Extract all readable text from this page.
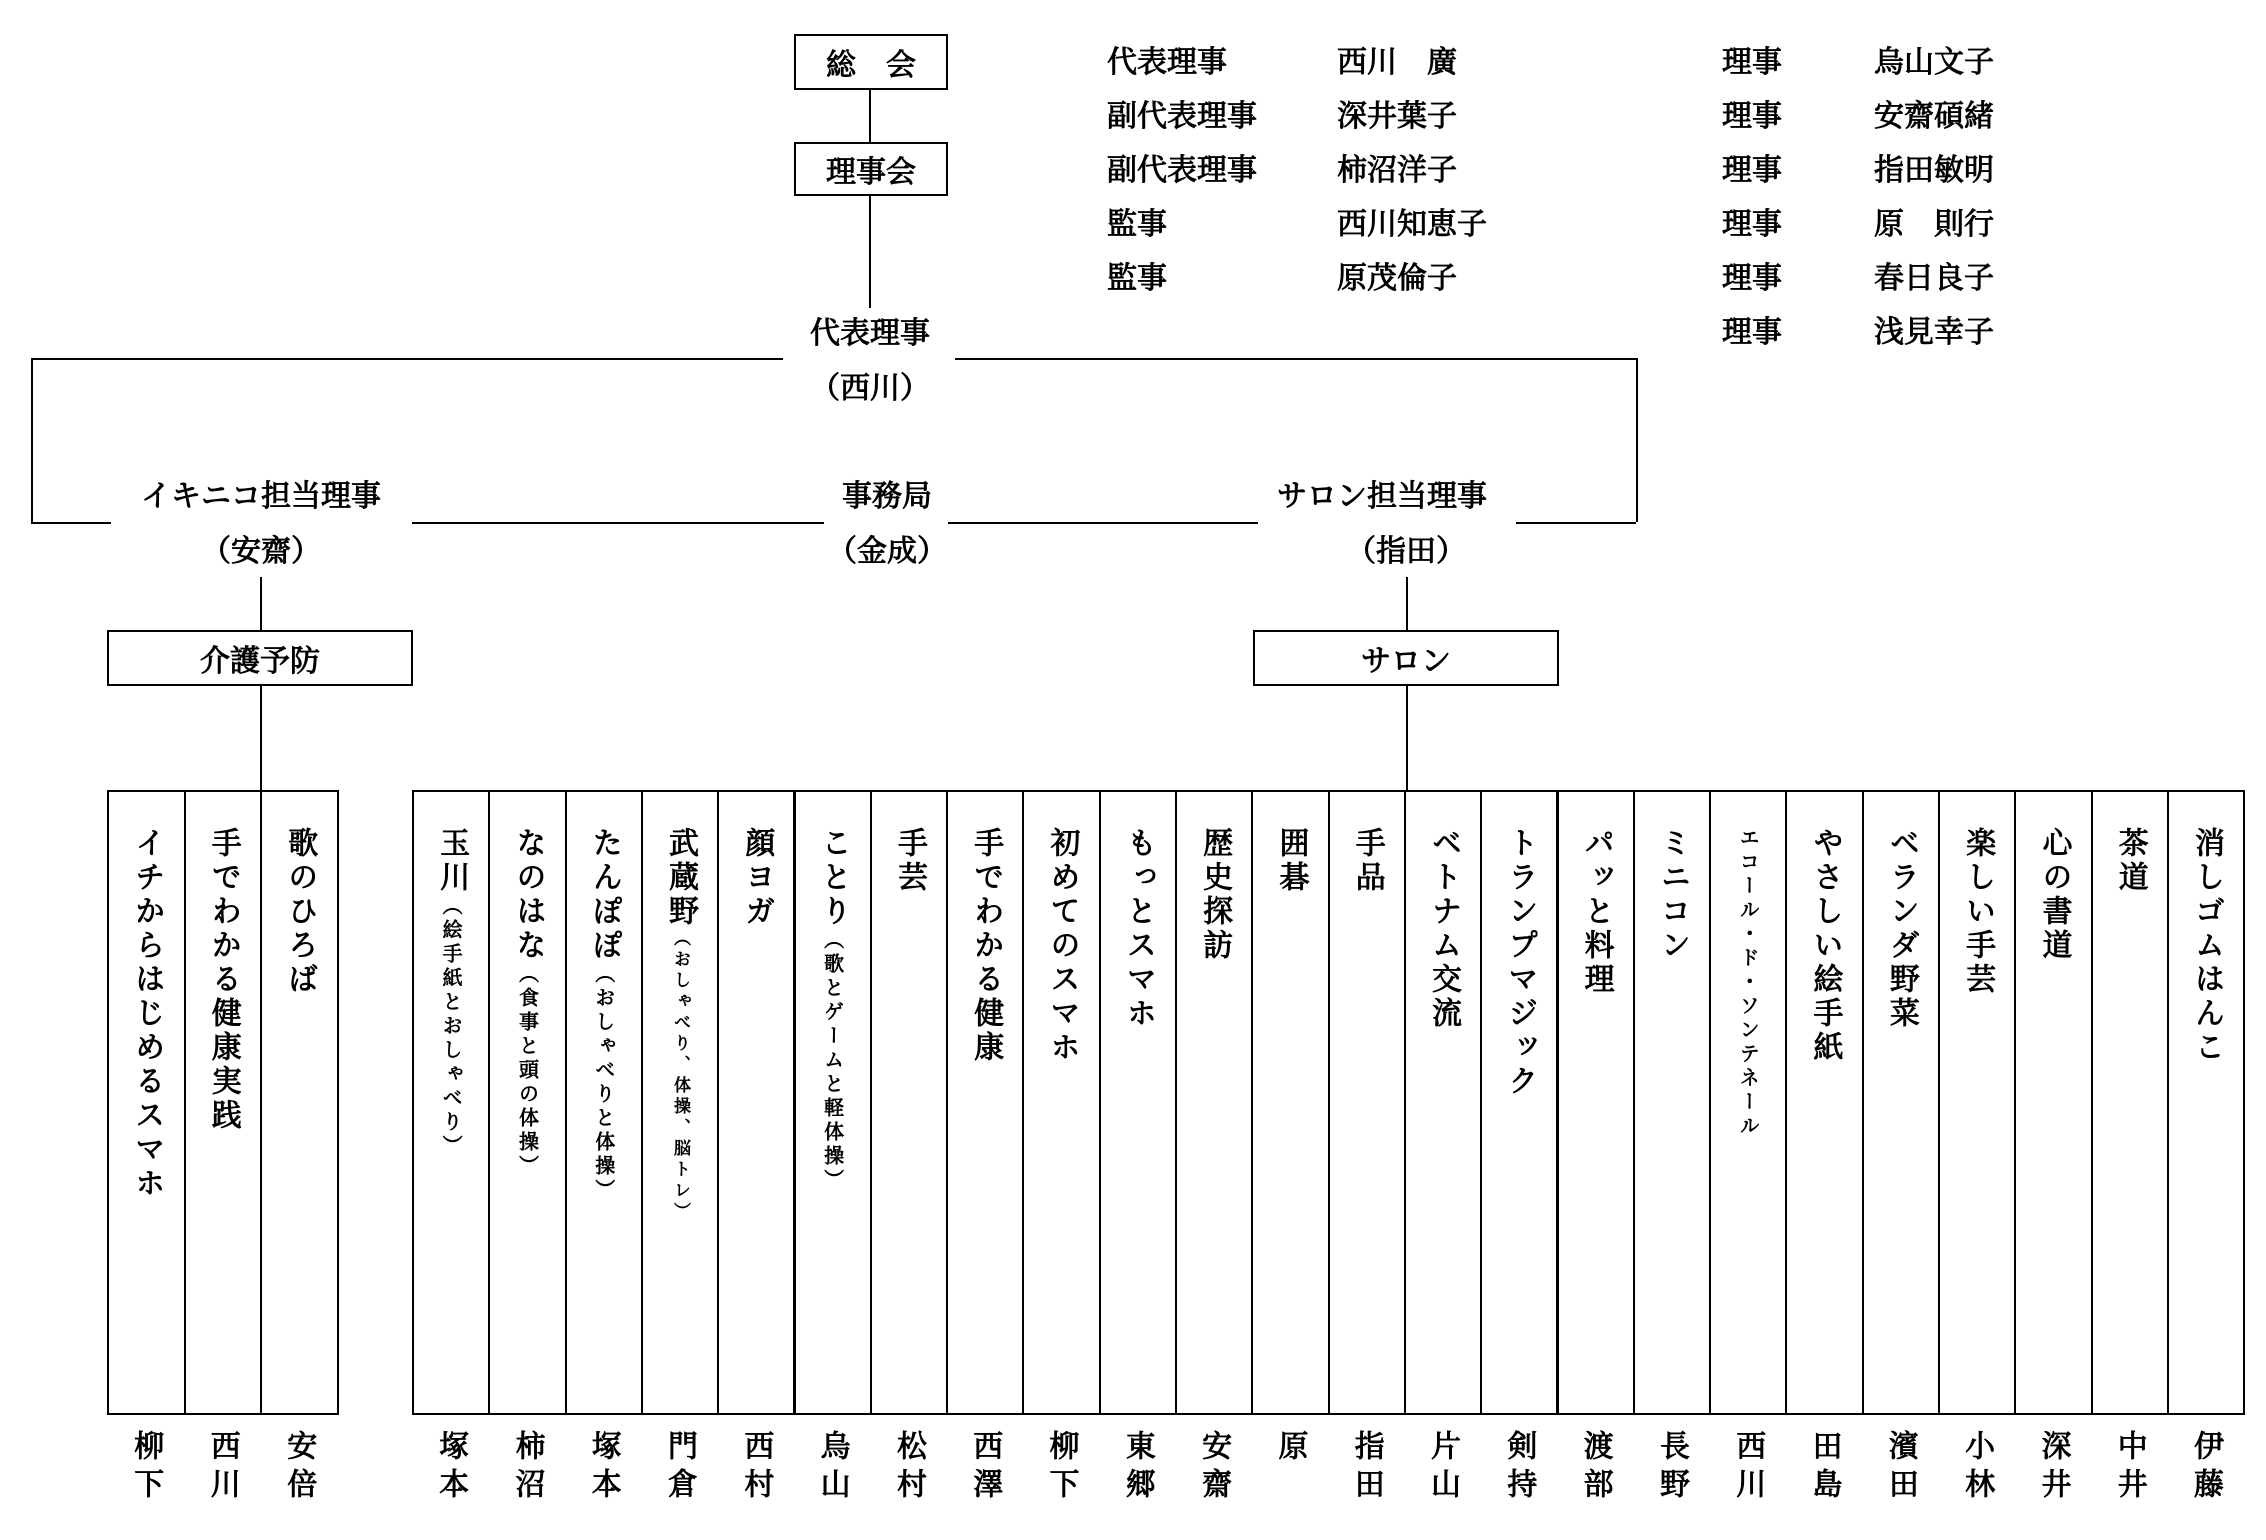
総　会
理事会
代表理事
（西川）
イキニコ担当理事
（安齋）
事務局
（金成）
サロン担当理事
（指田）
介護予防	サロン
代表理事	西川　廣
副代表理事	深井葉子
副代表理事	柿沼洋子
監事	西川知恵子
監事	原茂倫子
理事	烏山文子
理事	安齋碩緒
理事	指田敏明
理事	原　則行
理事	春日良子
理事	浅見幸子
イチからはじめるスマホ
柳下
手でわかる健康実践
西川
歌のひろば
安倍
玉川（絵手紙とおしゃべり）
塚本
なのはな（食事と頭の体操）
柿沼
たんぽぽ（おしゃべりと体操）
塚本
武蔵野（おしゃべり、体操、脳トレ）
門倉
顔ヨガ
西村
ことり（歌とゲームと軽体操）
烏山
手芸
松村
手でわかる健康
西澤
初めてのスマホ
柳下
もっとスマホ
東郷
歴史探訪
安齋
囲碁
原
手品
指田
ベトナム交流
片山
トランプマジック
剣持
パッと料理
渡部
ミニコン
長野
エコール・ド・ソンテネール
西川
やさしい絵手紙
田島
ベランダ野菜
濱田
楽しい手芸
小林
心の書道
深井
茶道
中井
消しゴムはんこ
伊藤
